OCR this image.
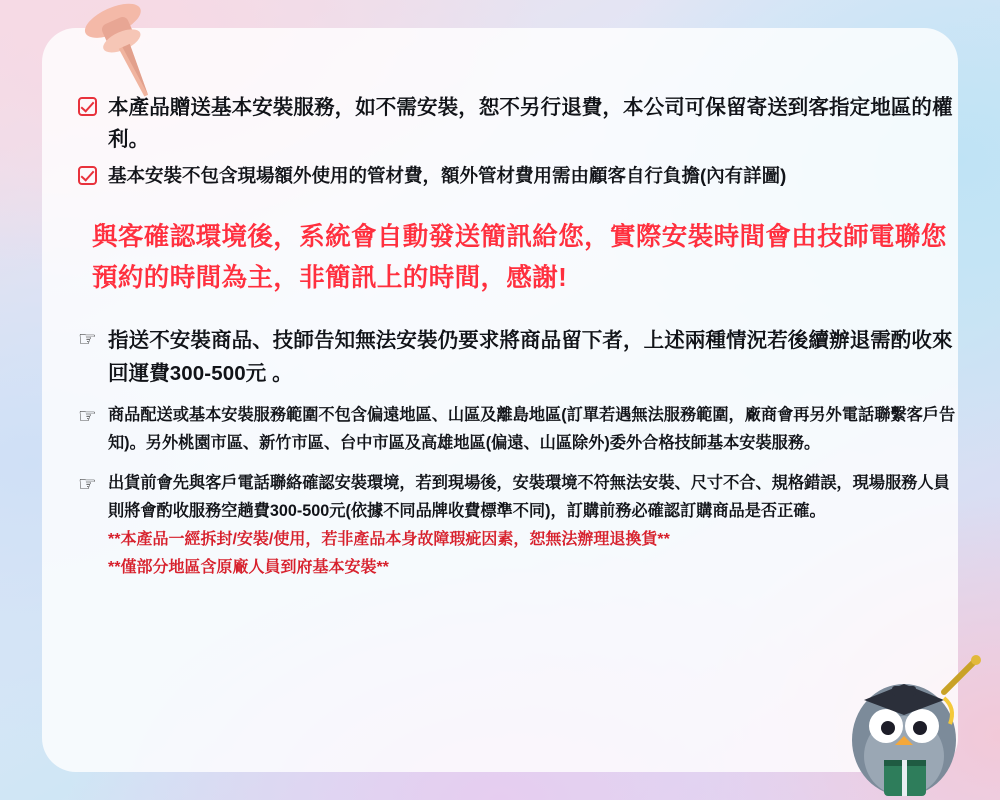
本產品贈送基本安裝服務，如不需安裝，恕不另行退費，本公司可保留寄送到客指定地區的權利。
基本安裝不包含現場額外使用的管材費，額外管材費用需由顧客自行負擔(內有詳圖)
與客確認環境後，系統會自動發送簡訊給您，實際安裝時間會由技師電聯您預約的時間為主，非簡訊上的時間，感謝!
☞ 指送不安裝商品、技師告知無法安裝仍要求將商品留下者，上述兩種情況若後續辦退需酌收來回運費300-500元 。
☞ 商品配送或基本安裝服務範圍不包含偏遠地區、山區及離島地區(訂單若遇無法服務範圍，廠商會再另外電話聯繫客戶告知)。另外桃園市區、新竹市區、台中市區及高雄地區(偏遠、山區除外)委外合格技師基本安裝服務。
☞ 出貨前會先與客戶電話聯絡確認安裝環境，若到現場後，安裝環境不符無法安裝、尺寸不合、規格錯誤，現場服務人員則將會酌收服務空趟費300-500元(依據不同品牌收費標準不同)，訂購前務必確認訂購商品是否正確。
**本產品一經拆封/安裝/使用，若非產品本身故障瑕疵因素，恕無法辦理退換貨**
**僅部分地區含原廠人員到府基本安裝**
